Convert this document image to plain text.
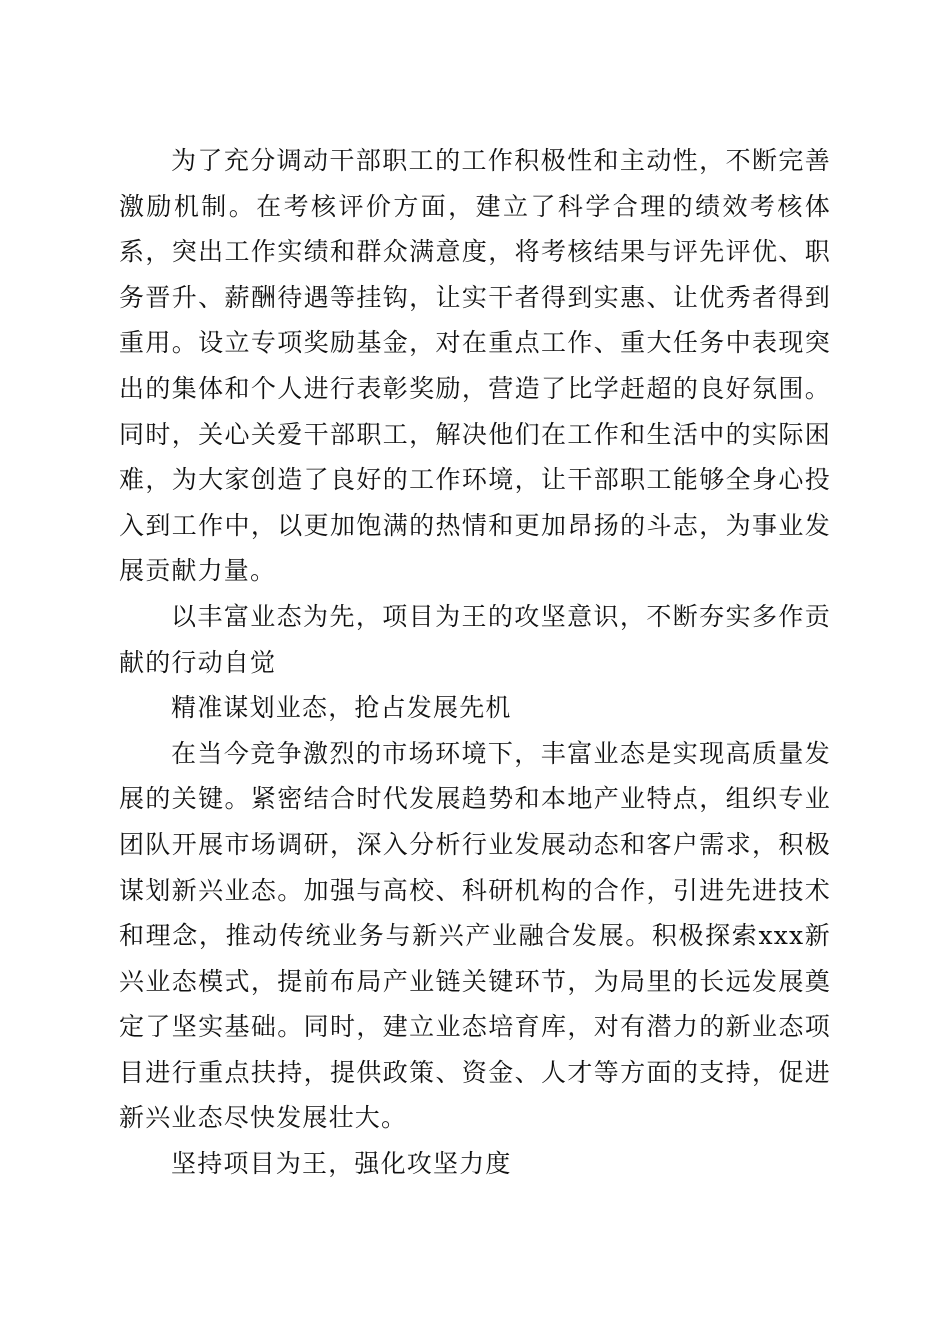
为了充分调动干部职工的工作积极性和主动性，不断完善激励机制。在考核评价方面，建立了科学合理的绩效考核体系，突出工作实绩和群众满意度，将考核结果与评先评优、职务晋升、薪酬待遇等挂钩，让实干者得到实惠、让优秀者得到重用。设立专项奖励基金，对在重点工作、重大任务中表现突出的集体和个人进行表彰奖励，营造了比学赶超的良好氛围。同时，关心关爱干部职工，解决他们在工作和生活中的实际困难，为大家创造了良好的工作环境，让干部职工能够全身心投入到工作中，以更加饱满的热情和更加昂扬的斗志，为事业发展贡献力量。

以丰富业态为先，项目为王的攻坚意识，不断夯实多作贡献的行动自觉

精准谋划业态，抢占发展先机

在当今竞争激烈的市场环境下，丰富业态是实现高质量发展的关键。紧密结合时代发展趋势和本地产业特点，组织专业团队开展市场调研，深入分析行业发展动态和客户需求，积极谋划新兴业态。加强与高校、科研机构的合作，引进先进技术和理念，推动传统业务与新兴产业融合发展。积极探索xxx新兴业态模式，提前布局产业链关键环节，为局里的长远发展奠定了坚实基础。同时，建立业态培育库，对有潜力的新业态项目进行重点扶持，提供政策、资金、人才等方面的支持，促进新兴业态尽快发展壮大。

坚持项目为王，强化攻坚力度
